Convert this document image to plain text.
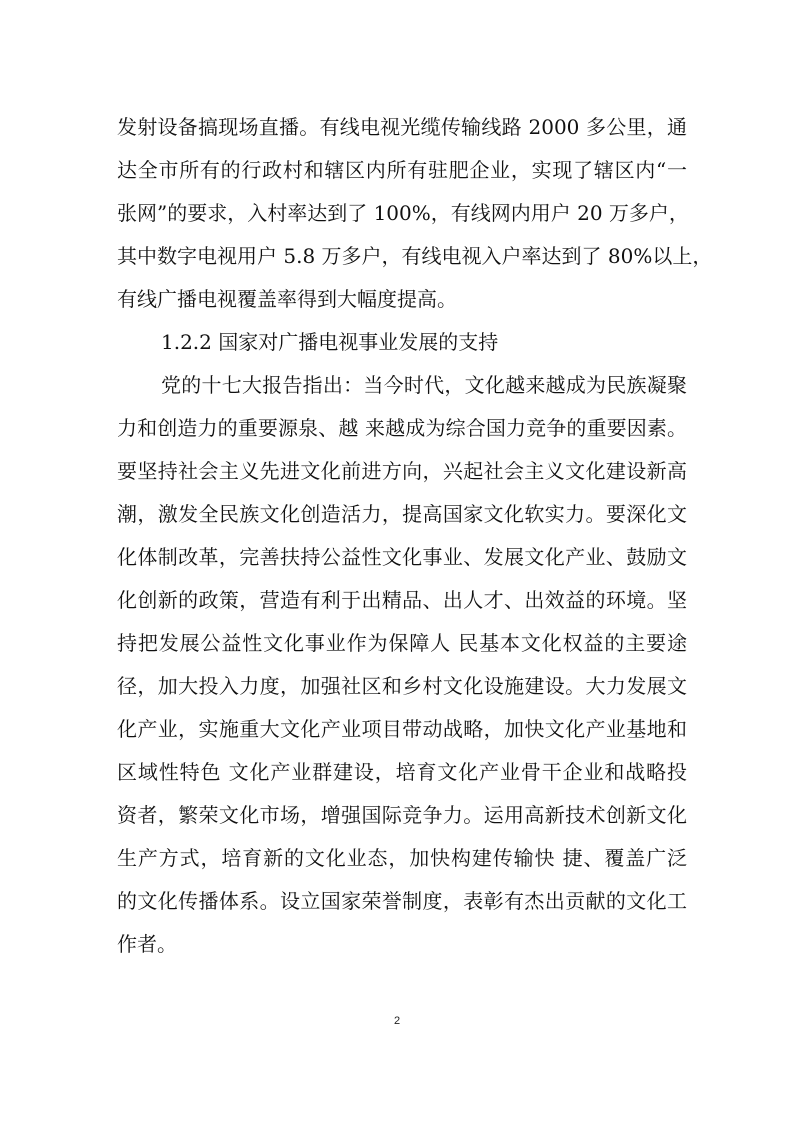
发射设备搞现场直播。有线电视光缆传输线路 2000 多公里，通
达全市所有的行政村和辖区内所有驻肥企业，实现了辖区内“一
张网”的要求，入村率达到了 100%，有线网内用户 20 万多户，
其中数字电视用户 5.8 万多户，有线电视入户率达到了 80%以上，
有线广播电视覆盖率得到大幅度提高。
1.2.2 国家对广播电视事业发展的支持
党的十七大报告指出：当今时代，文化越来越成为民族凝聚
力和创造力的重要源泉、越 来越成为综合国力竞争的重要因素。
要坚持社会主义先进文化前进方向，兴起社会主义文化建设新高
潮，激发全民族文化创造活力，提高国家文化软实力。要深化文
化体制改革，完善扶持公益性文化事业、发展文化产业、鼓励文
化创新的政策，营造有利于出精品、出人才、出效益的环境。坚
持把发展公益性文化事业作为保障人 民基本文化权益的主要途
径，加大投入力度，加强社区和乡村文化设施建设。大力发展文
化产业，实施重大文化产业项目带动战略，加快文化产业基地和
区域性特色 文化产业群建设，培育文化产业骨干企业和战略投
资者，繁荣文化市场，增强国际竞争力。运用高新技术创新文化
生产方式，培育新的文化业态，加快构建传输快 捷、覆盖广泛
的文化传播体系。设立国家荣誉制度，表彰有杰出贡献的文化工
作者。
2
